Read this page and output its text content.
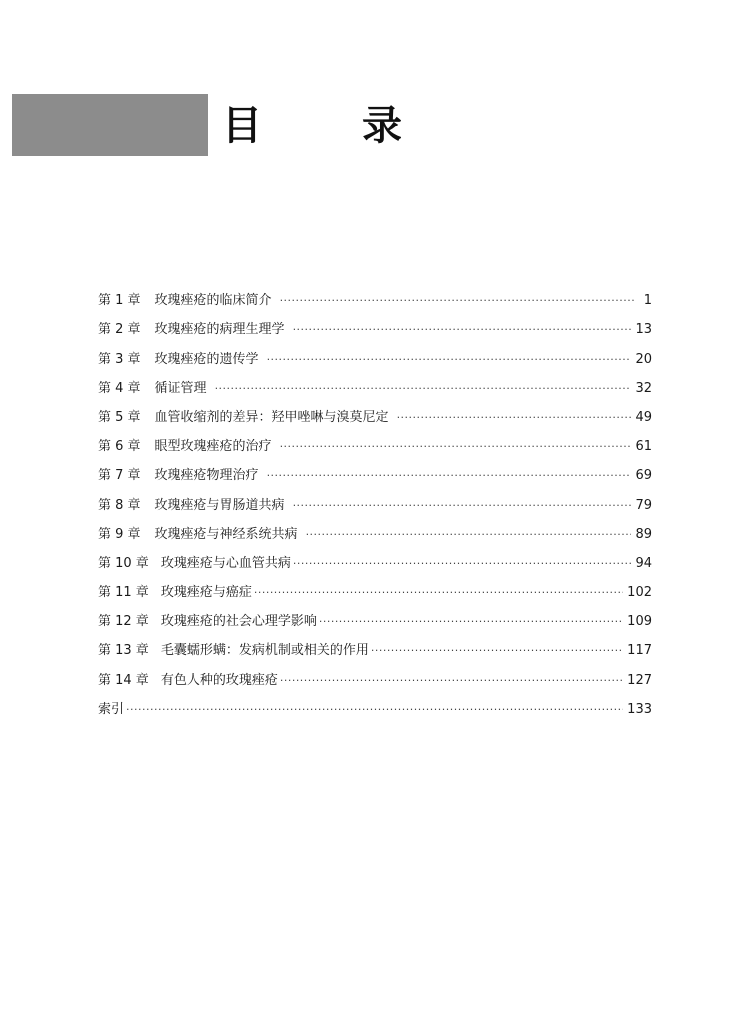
目　录
第 1 章 玫瑰痤疮的临床简介 ·····	1
第 2 章 玫瑰痤疮的病理生理学 ·····	13
第 3 章 玫瑰痤疮的遗传学 ·····	20
第 4 章 循证管理 ·····	32
第 5 章 血管收缩剂的差异：羟甲唑啉与溴莫尼定 ·····	49
第 6 章 眼型玫瑰痤疮的治疗 ·····	61
第 7 章 玫瑰痤疮物理治疗 ·····	69
第 8 章 玫瑰痤疮与胃肠道共病 ·····	79
第 9 章 玫瑰痤疮与神经系统共病 ·····	89
第 10 章 玫瑰痤疮与心血管共病 ·····	94
第 11 章 玫瑰痤疮与癌症 ·····	102
第 12 章 玫瑰痤疮的社会心理学影响 ·····	109
第 13 章 毛囊蠕形螨：发病机制或相关的作用 ·····	117
第 14 章 有色人种的玫瑰痤疮 ·····	127
索引 ·····	133
